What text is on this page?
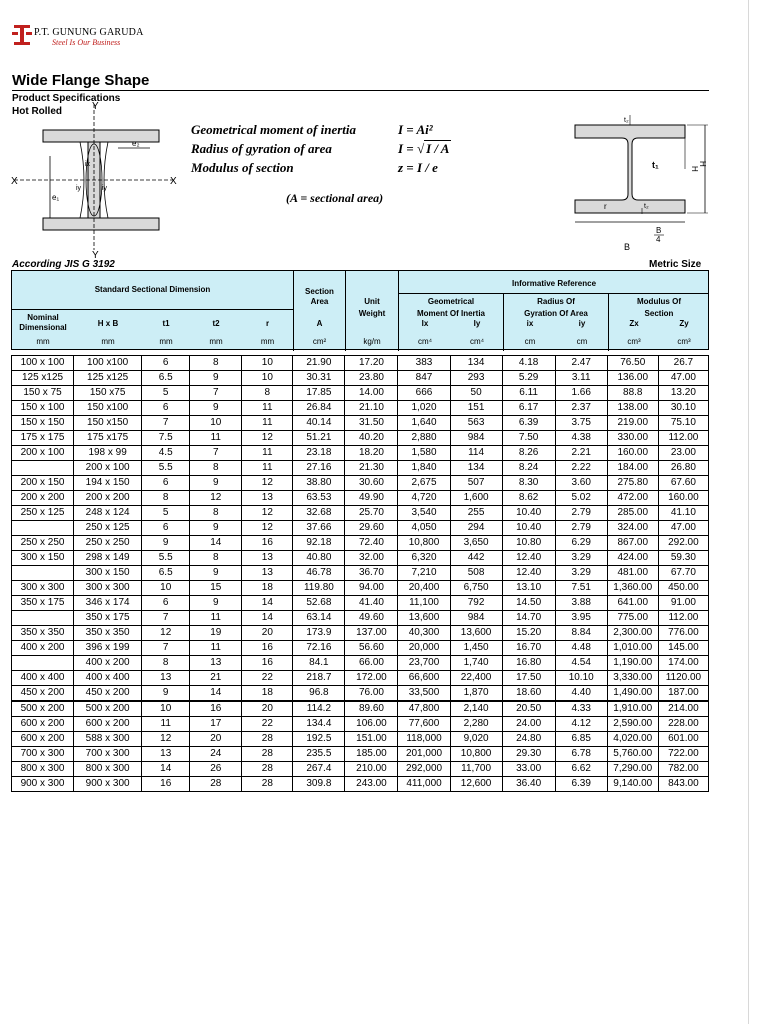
P.T. GUNUNG GARUDA
Steel Is Our Business
Wide Flange Shape
Product Specifications
Hot Rolled	Y
Y
X	X
e₂
e₁
iy	iy
ix
Geometrical moment of inertia	I = Ai²
Radius of gyration of area	I = √ I / A
Modulus of section	z = I / e
(A = sectional area)
H
H
t₂
t₂
t₁
r
B
B
4
According JIS G 3192	Metric Size
Standard Sectional Dimension	Section
Area	Unit
Weight
Informative Reference
Geometrical
Moment Of Inertia
Radius Of
Gyration Of Area
Modulus Of
Section
Nominal
Dimensional	H x B	t1	t2	r	A	Ix	Iy	ix	iy	Zx	Zy
mm	mm	mm	mm	mm	cm²	kg/m	cm⁴	cm⁴	cm	cm	cm³	cm³
100 x 100	100 x100	6	8	10	21.90	17.20	383	134	4.18	2.47	76.50	26.7
125 x125	125 x125	6.5	9	10	30.31	23.80	847	293	5.29	3.11	136.00	47.00
150 x 75	150 x75	5	7	8	17.85	14.00	666	50	6.11	1.66	88.8	13.20
150 x 100	150 x100	6	9	11	26.84	21.10	1,020	151	6.17	2.37	138.00	30.10
150 x 150	150 x150	7	10	11	40.14	31.50	1,640	563	6.39	3.75	219.00	75.10
175 x 175	175 x175	7.5	11	12	51.21	40.20	2,880	984	7.50	4.38	330.00	112.00
200 x 100	198 x 99	4.5	7	11	23.18	18.20	1,580	114	8.26	2.21	160.00	23.00
	200 x 100	5.5	8	11	27.16	21.30	1,840	134	8.24	2.22	184.00	26.80
200 x 150	194 x 150	6	9	12	38.80	30.60	2,675	507	8.30	3.60	275.80	67.60
200 x 200	200 x 200	8	12	13	63.53	49.90	4,720	1,600	8.62	5.02	472.00	160.00
250 x 125	248 x 124	5	8	12	32.68	25.70	3,540	255	10.40	2.79	285.00	41.10
	250 x 125	6	9	12	37.66	29.60	4,050	294	10.40	2.79	324.00	47.00
250 x 250	250 x 250	9	14	16	92.18	72.40	10,800	3,650	10.80	6.29	867.00	292.00
300 x 150	298 x 149	5.5	8	13	40.80	32.00	6,320	442	12.40	3.29	424.00	59.30
	300 x 150	6.5	9	13	46.78	36.70	7,210	508	12.40	3.29	481.00	67.70
300 x 300	300 x 300	10	15	18	119.80	94.00	20,400	6,750	13.10	7.51	1,360.00	450.00
350 x 175	346 x 174	6	9	14	52.68	41.40	11,100	792	14.50	3.88	641.00	91.00
	350 x 175	7	11	14	63.14	49.60	13,600	984	14.70	3.95	775.00	112.00
350 x 350	350 x 350	12	19	20	173.9	137.00	40,300	13,600	15.20	8.84	2,300.00	776.00
400 x 200	396 x 199	7	11	16	72.16	56.60	20,000	1,450	16.70	4.48	1,010.00	145.00
	400 x 200	8	13	16	84.1	66.00	23,700	1,740	16.80	4.54	1,190.00	174.00
400 x 400	400 x 400	13	21	22	218.7	172.00	66,600	22,400	17.50	10.10	3,330.00	1120.00
450 x 200	450 x 200	9	14	18	96.8	76.00	33,500	1,870	18.60	4.40	1,490.00	187.00
500 x 200	500 x 200	10	16	20	114.2	89.60	47,800	2,140	20.50	4.33	1,910.00	214.00
600 x 200	600 x 200	11	17	22	134.4	106.00	77,600	2,280	24.00	4.12	2,590.00	228.00
600 x 200	588 x 300	12	20	28	192.5	151.00	118,000	9,020	24.80	6.85	4,020.00	601.00
700 x 300	700 x 300	13	24	28	235.5	185.00	201,000	10,800	29.30	6.78	5,760.00	722.00
800 x 300	800 x 300	14	26	28	267.4	210.00	292,000	11,700	33.00	6.62	7,290.00	782.00
900 x 300	900 x 300	16	28	28	309.8	243.00	411,000	12,600	36.40	6.39	9,140.00	843.00
